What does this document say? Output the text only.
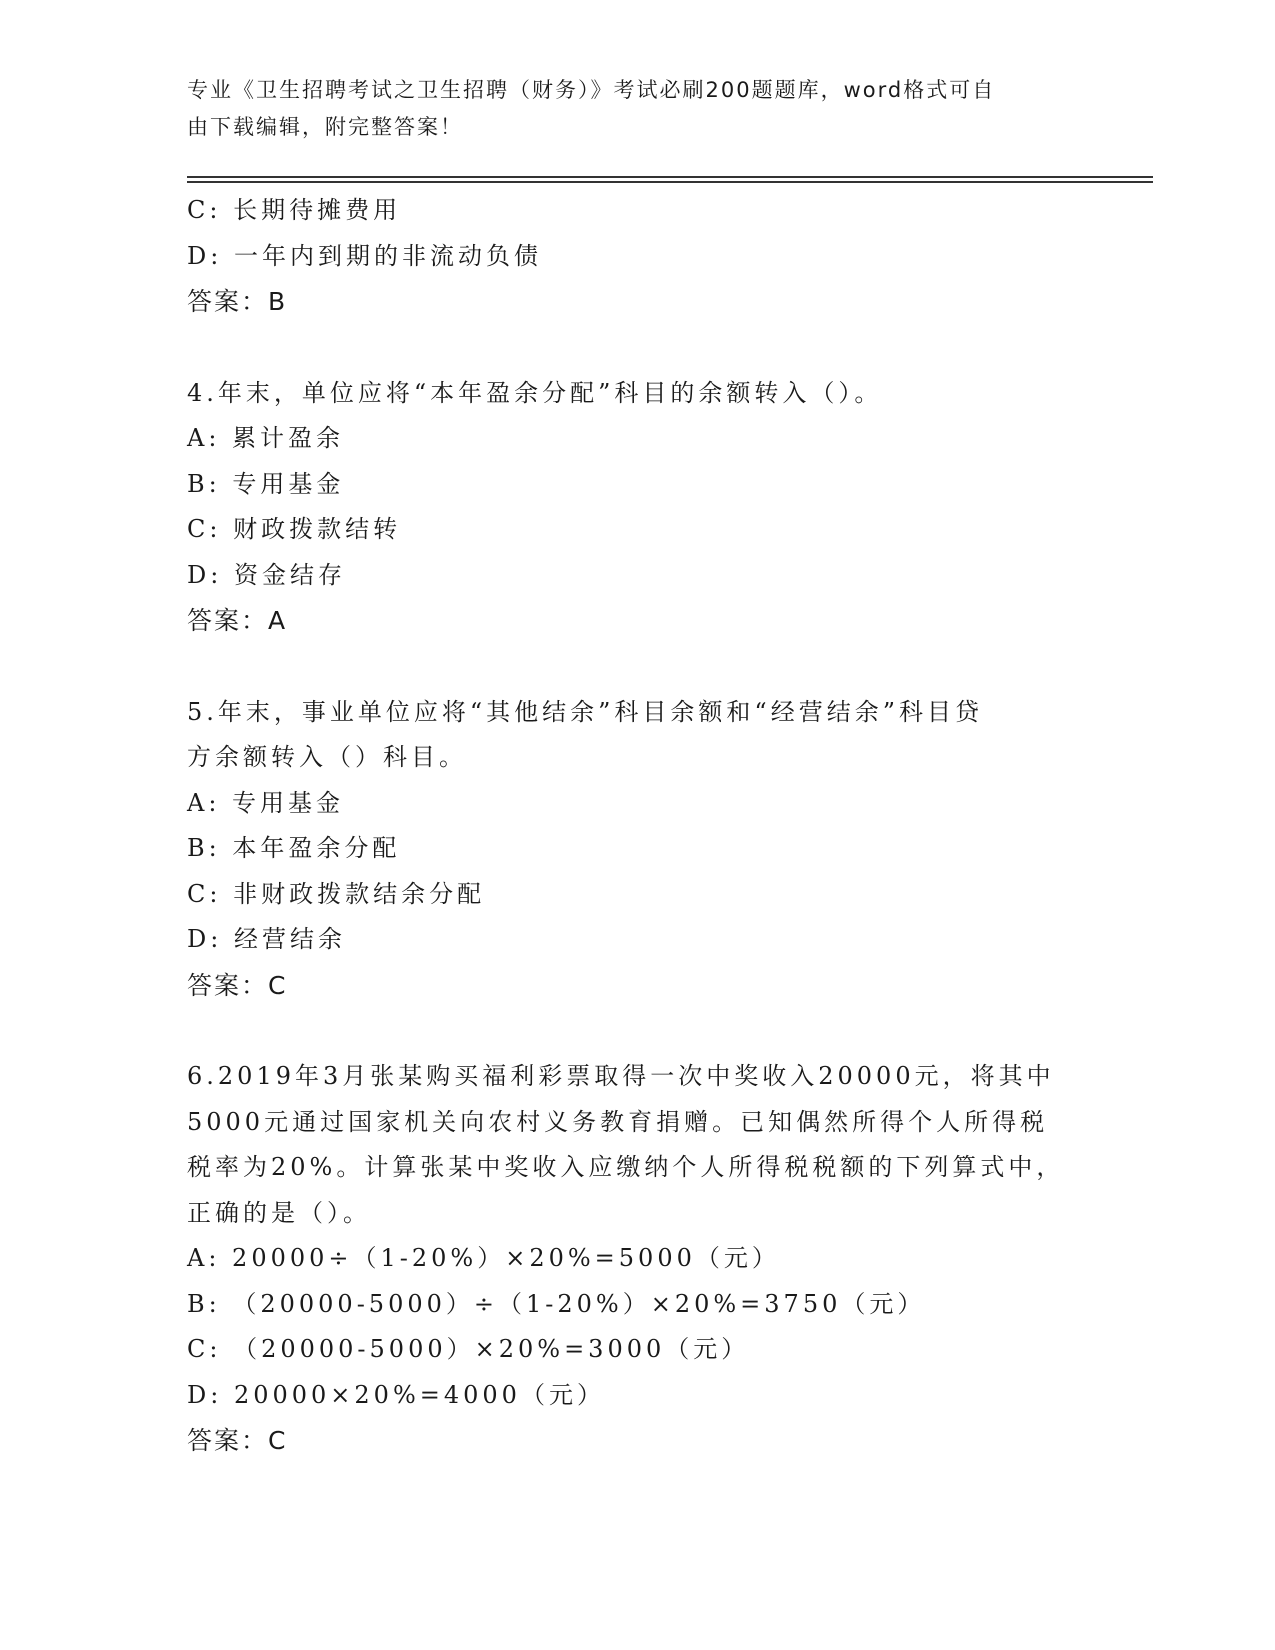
专业《卫生招聘考试之卫生招聘（财务）》考试必刷200题题库，word格式可自
由下载编辑，附完整答案！
C: 长期待摊费用
D: 一年内到期的非流动负债
答案：B
4.年末，单位应将“本年盈余分配”科目的余额转入（）。
A: 累计盈余
B: 专用基金
C: 财政拨款结转
D: 资金结存
答案：A
5.年末，事业单位应将“其他结余”科目余额和“经营结余”科目贷
方余额转入（）科目。
A: 专用基金
B: 本年盈余分配
C: 非财政拨款结余分配
D: 经营结余
答案：C
6.2019年3月张某购买福利彩票取得一次中奖收入20000元，将其中
5000元通过国家机关向农村义务教育捐赠。已知偶然所得个人所得税
税率为20%。计算张某中奖收入应缴纳个人所得税税额的下列算式中，
正确的是（）。
A: 20000÷（1-20%）×20%=5000（元）
B: （20000-5000）÷（1-20%）×20%=3750（元）
C: （20000-5000）×20%=3000（元）
D: 20000×20%=4000（元）
答案：C
